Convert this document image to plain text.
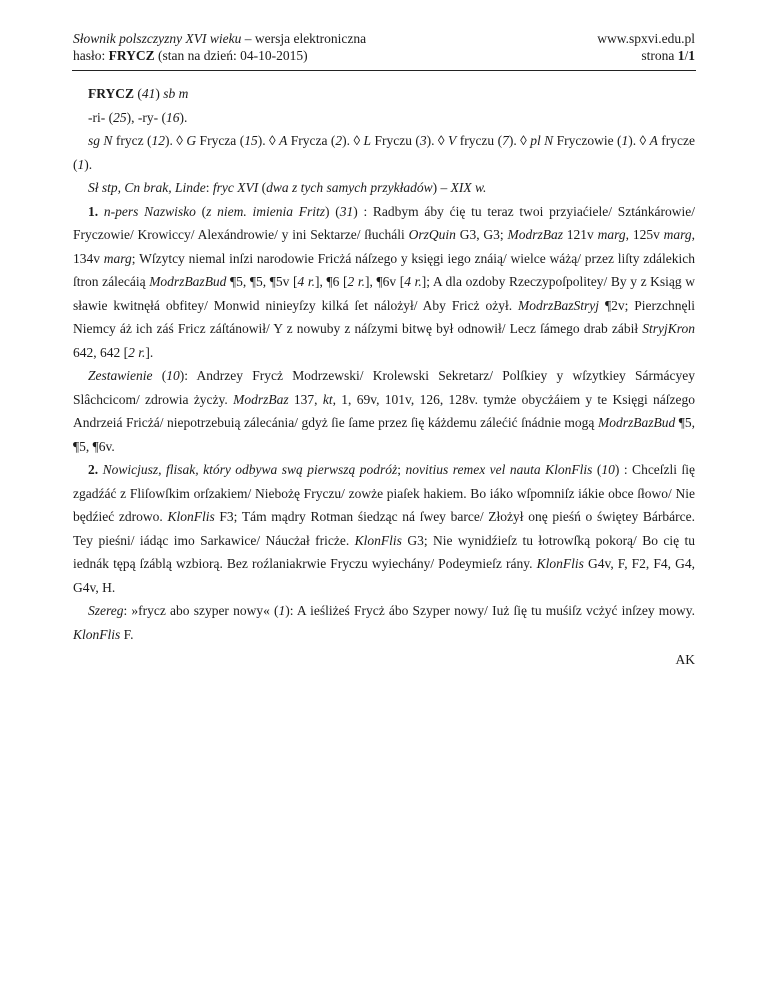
Słownik polszczyzny XVI wieku – wersja elektroniczna
hasło: FRYCZ (stan na dzień: 04-10-2015)
www.spxvi.edu.pl
strona 1/1

FRYCZ (41) sb m

-ri- (25), -ry- (16).

sg N frycz (12). ◊ G Frycza (15). ◊ A Frycza (2). ◊ L Fryczu (3). ◊ V fryczu (7). ◊ pl N Fryczowie (1). ◊ A frycze (1).

Sł stp, Cn brak, Linde: fryc XVI (dwa z tych samych przykładów) – XIX w.

1. n-pers Nazwisko (z niem. imienia Fritz) (31) : Radbym áby ćię tu teraz twoi przyiaćiele/ Sztánkárowie/ Fryczowie/ Krowiccy/ Alexándrowie/ y ini Sektarze/ ſłucháli OrzQuin G3, G3; ModrzBaz 121v marg, 125v marg, 134v marg; Wſzytcy niemal inſzi narodowie Fricżá náſzego y księgi iego znáią/ wielce wáżą/ przez liſty zdálekich ſtron zálecáią ModrzBazBud ¶5, ¶5, ¶5v [4 r.], ¶6 [2 r.], ¶6v [4 r.]; A dla ozdoby Rzeczypoſpolitey/ By y z Ksiąg w sławie kwitnęłá obfitey/ Monwid ninieyſzy kilká ſet nálożył/ Aby Fricż ożył. ModrzBazStryj ¶2v; Pierzchnęli Niemcy áż ich záś Fricz záſtánowił/ Y z nowuby z náſzymi bitwę był odnowił/ Lecz ſámego drab zábił StryjKron 642, 642 [2 r.].

Zestawienie (10): Andrzey Frycż Modrzewski/ Krolewski Sekretarz/ Polſkiey y wſzytkiey Sármácyey Slâchcicom/ zdrowia życży. ModrzBaz 137, kt, 1, 69v, 101v, 126, 128v. tymże obycżáiem y te Księgi náſzego Andrzeiá Fricżá/ niepotrzebuią zálecánia/ gdyż ſie ſame przez ſię káżdemu zálećić ſnádnie mogą ModrzBazBud ¶5, ¶5, ¶6v.

2. Nowicjusz, flisak, który odbywa swą pierwszą podróż; novitius remex vel nauta KlonFlis (10) : Chceſzli ſię zgadźáć z Fliſowſkim orſzakiem/ Niebożę Fryczu/ zowże piaſek hakiem. Bo iáko wſpomniſz iákie obce ſłowo/ Nie będźieć zdrowo. KlonFlis F3; Tám mądry Rotman śiedząc ná ſwey barce/ Złożył onę pieśń o świętey Bárbárce. Tey pieśni/ iádąc imo Sarkawice/ Náucżał fricże. KlonFlis G3; Nie wynidźieſz tu łotrowſką pokorą/ Bo cię tu iednák tępą ſzáblą wzbiorą. Bez roźlaniakrwie Fryczu wyiechány/ Podeymieſz rány. KlonFlis G4v, F, F2, F4, G4, G4v, H.

Szereg: »frycz abo szyper nowy« (1): A ieśliżeś Frycż ábo Szyper nowy/ Iuż ſię tu muśiſz vcżyć inſzey mowy. KlonFlis F.

AK
